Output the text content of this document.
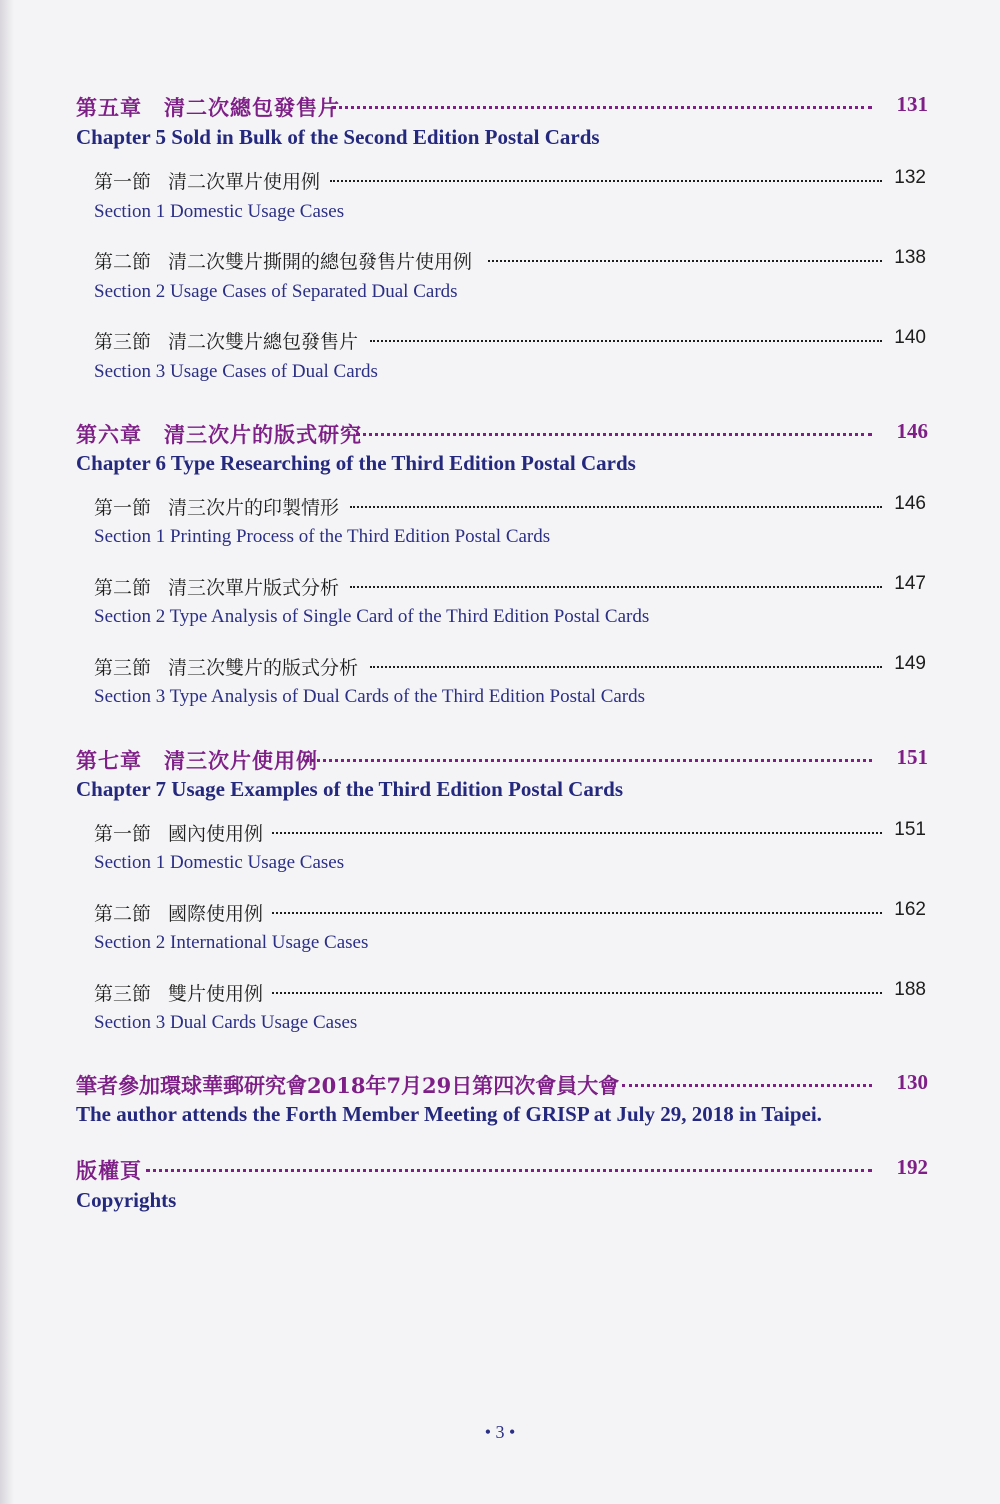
第五章　清二次總包發售片	131
Chapter 5 Sold in Bulk of the Second Edition Postal Cards
第一節 清二次單片使用例	132
Section 1 Domestic Usage Cases
第二節 清二次雙片撕開的總包發售片使用例	138
Section 2 Usage Cases of Separated Dual Cards
第三節 清二次雙片總包發售片	140
Section 3 Usage Cases of Dual Cards
第六章　清三次片的版式研究	146
Chapter 6 Type Researching of the Third Edition Postal Cards
第一節 清三次片的印製情形	146
Section 1 Printing Process of the Third Edition Postal Cards
第二節 清三次單片版式分析	147
Section 2 Type Analysis of Single Card of the Third Edition Postal Cards
第三節 清三次雙片的版式分析	149
Section 3 Type Analysis of Dual Cards of the Third Edition Postal Cards
第七章　清三次片使用例	151
Chapter 7 Usage Examples of the Third Edition Postal Cards
第一節 國內使用例	151
Section 1 Domestic Usage Cases
第二節 國際使用例	162
Section 2 International Usage Cases
第三節 雙片使用例	188
Section 3 Dual Cards Usage Cases
筆者參加環球華郵研究會2018年7月29日第四次會員大會	130
The author attends the Forth Member Meeting of GRISP at July 29, 2018 in Taipei.
版權頁	192
Copyrights
• 3 •
